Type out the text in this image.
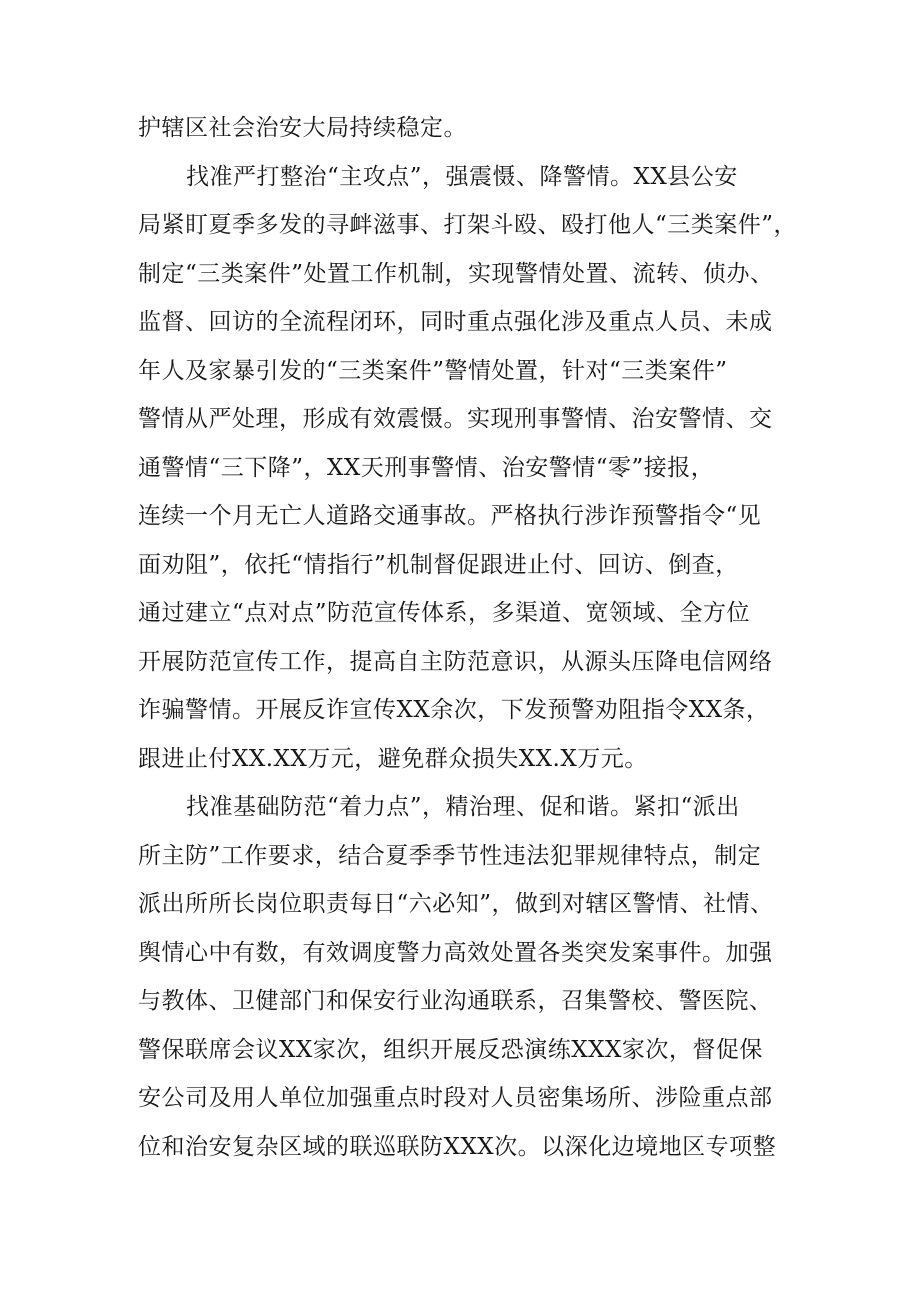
护辖区社会治安大局持续稳定。
找准严打整治“主攻点”，强震慑、降警情。XX县公安
局紧盯夏季多发的寻衅滋事、打架斗殴、殴打他人“三类案件”，
制定“三类案件”处置工作机制，实现警情处置、流转、侦办、
监督、回访的全流程闭环，同时重点强化涉及重点人员、未成
年人及家暴引发的“三类案件”警情处置，针对“三类案件”
警情从严处理，形成有效震慑。实现刑事警情、治安警情、交
通警情“三下降”，XX天刑事警情、治安警情“零”接报，
连续一个月无亡人道路交通事故。严格执行涉诈预警指令“见
面劝阻”，依托“情指行”机制督促跟进止付、回访、倒查，
通过建立“点对点”防范宣传体系，多渠道、宽领域、全方位
开展防范宣传工作，提高自主防范意识，从源头压降电信网络
诈骗警情。开展反诈宣传XX余次，下发预警劝阻指令XX条，
跟进止付XX.XX万元，避免群众损失XX.X万元。
找准基础防范“着力点”，精治理、促和谐。紧扣“派出
所主防”工作要求，结合夏季季节性违法犯罪规律特点，制定
派出所所长岗位职责每日“六必知”，做到对辖区警情、社情、
舆情心中有数，有效调度警力高效处置各类突发案事件。加强
与教体、卫健部门和保安行业沟通联系，召集警校、警医院、
警保联席会议XX家次，组织开展反恐演练XXX家次，督促保
安公司及用人单位加强重点时段对人员密集场所、涉险重点部
位和治安复杂区域的联巡联防XXX次。以深化边境地区专项整
